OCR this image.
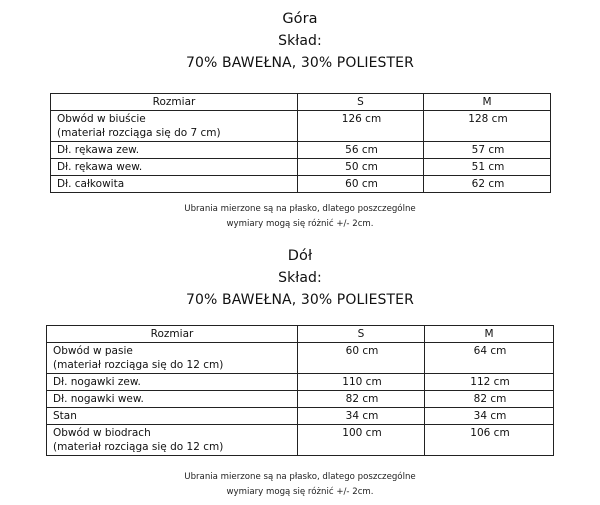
Góra

Skład:

70% BAWEŁNA, 30% POLIESTER

Rozmiar	S	M

Obwód w biuście
(materiał rozciąga się do 7 cm)	126 cm	128 cm
Dł. rękawa zew.	56 cm	57 cm
Dł. rękawa wew.	50 cm	51 cm
Dł. całkowita	60 cm	62 cm
Ubrania mierzone są na płasko, dlatego poszczególne
wymiary mogą się różnić +/- 2cm.

Dół

Skład:

70% BAWEŁNA, 30% POLIESTER

Rozmiar	S	M

Obwód w pasie
(materiał rozciąga się do 12 cm)	60 cm	64 cm
Dł. nogawki zew.	110 cm	112 cm
Dł. nogawki wew.	82 cm	82 cm
Stan	34 cm	34 cm

Obwód w biodrach
(materiał rozciąga się do 12 cm)	100 cm	106 cm
Ubrania mierzone są na płasko, dlatego poszczególne
wymiary mogą się różnić +/- 2cm.
